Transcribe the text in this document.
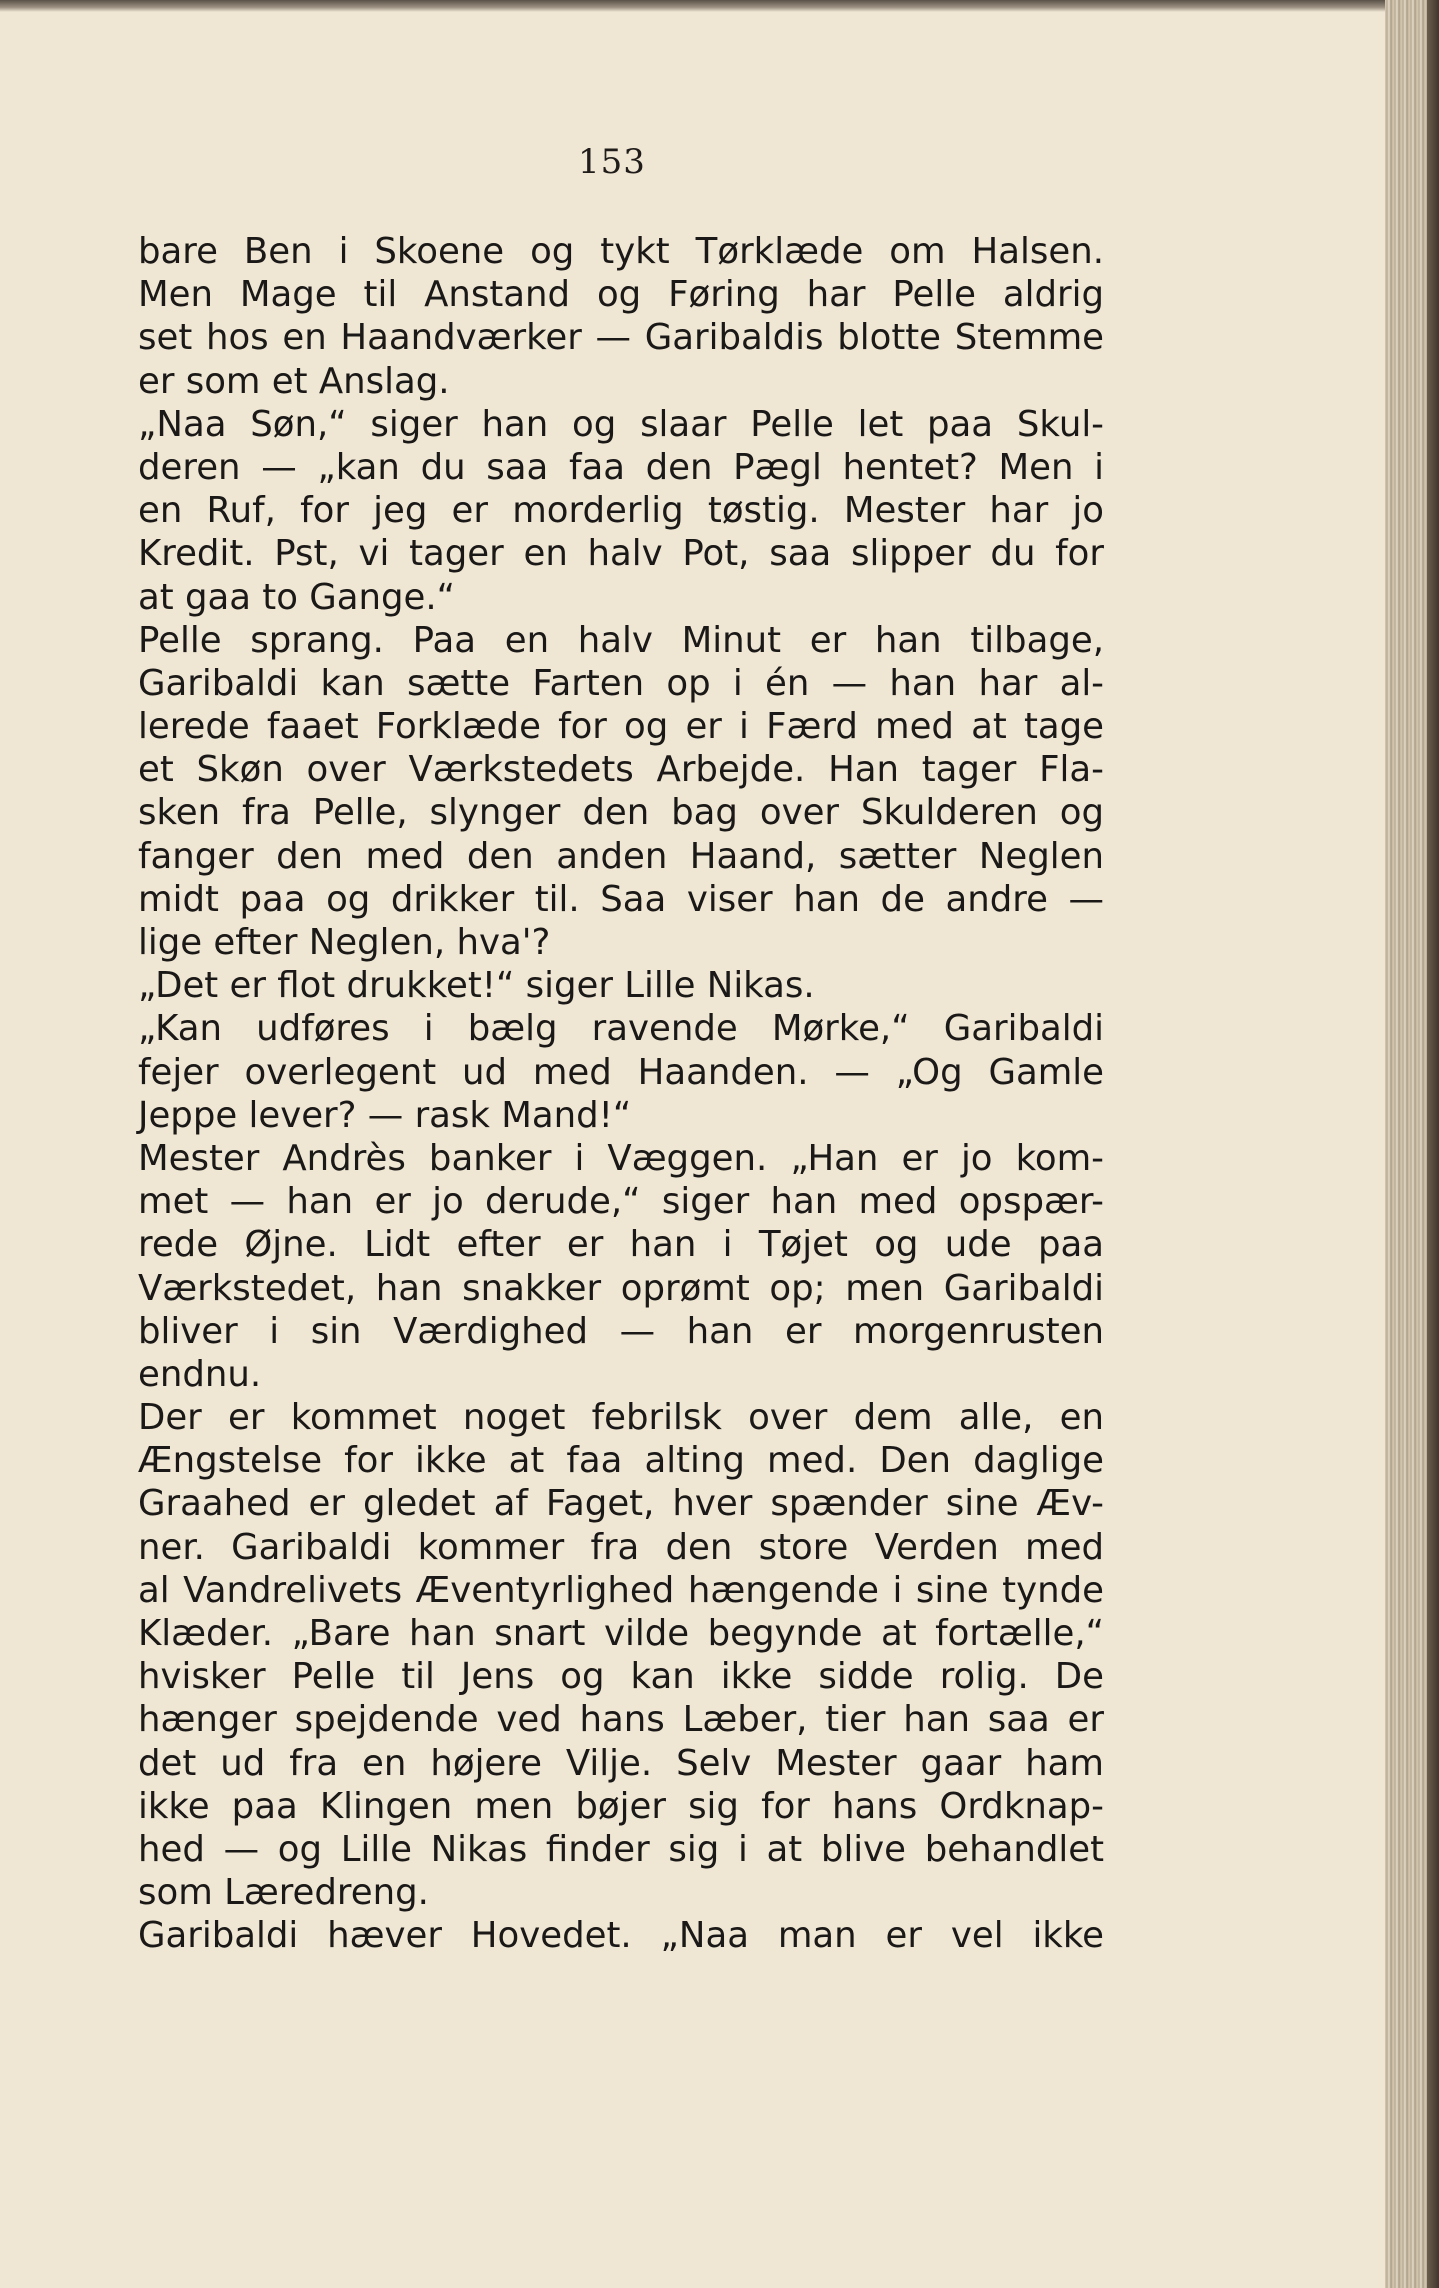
153
bare Ben i Skoene og tykt Tørklæde om Halsen.
Men Mage til Anstand og Føring har Pelle aldrig
set hos en Haandværker — Garibaldis blotte Stemme
er som et Anslag.
„Naa Søn,“ siger han og slaar Pelle let paa Skul-
deren — „kan du saa faa den Pægl hentet? Men i
en Ruf, for jeg er morderlig tøstig. Mester har jo
Kredit. Pst, vi tager en halv Pot, saa slipper du for
at gaa to Gange.“
Pelle sprang. Paa en halv Minut er han tilbage,
Garibaldi kan sætte Farten op i én — han har al-
lerede faaet Forklæde for og er i Færd med at tage
et Skøn over Værkstedets Arbejde. Han tager Fla-
sken fra Pelle, slynger den bag over Skulderen og
fanger den med den anden Haand, sætter Neglen
midt paa og drikker til. Saa viser han de andre —
lige efter Neglen, hva'?
„Det er flot drukket!“ siger Lille Nikas.
„Kan udføres i bælg ravende Mørke,“ Garibaldi
fejer overlegent ud med Haanden. — „Og Gamle
Jeppe lever? — rask Mand!“
Mester Andrès banker i Væggen. „Han er jo kom-
met — han er jo derude,“ siger han med opspær-
rede Øjne. Lidt efter er han i Tøjet og ude paa
Værkstedet, han snakker oprømt op; men Garibaldi
bliver i sin Værdighed — han er morgenrusten
endnu.
Der er kommet noget febrilsk over dem alle, en
Ængstelse for ikke at faa alting med. Den daglige
Graahed er gledet af Faget, hver spænder sine Æv-
ner. Garibaldi kommer fra den store Verden med
al Vandrelivets Æventyrlighed hængende i sine tynde
Klæder. „Bare han snart vilde begynde at fortælle,“
hvisker Pelle til Jens og kan ikke sidde rolig. De
hænger spejdende ved hans Læber, tier han saa er
det ud fra en højere Vilje. Selv Mester gaar ham
ikke paa Klingen men bøjer sig for hans Ordknap-
hed — og Lille Nikas finder sig i at blive behandlet
som Læredreng.
Garibaldi hæver Hovedet. „Naa man er vel ikke
